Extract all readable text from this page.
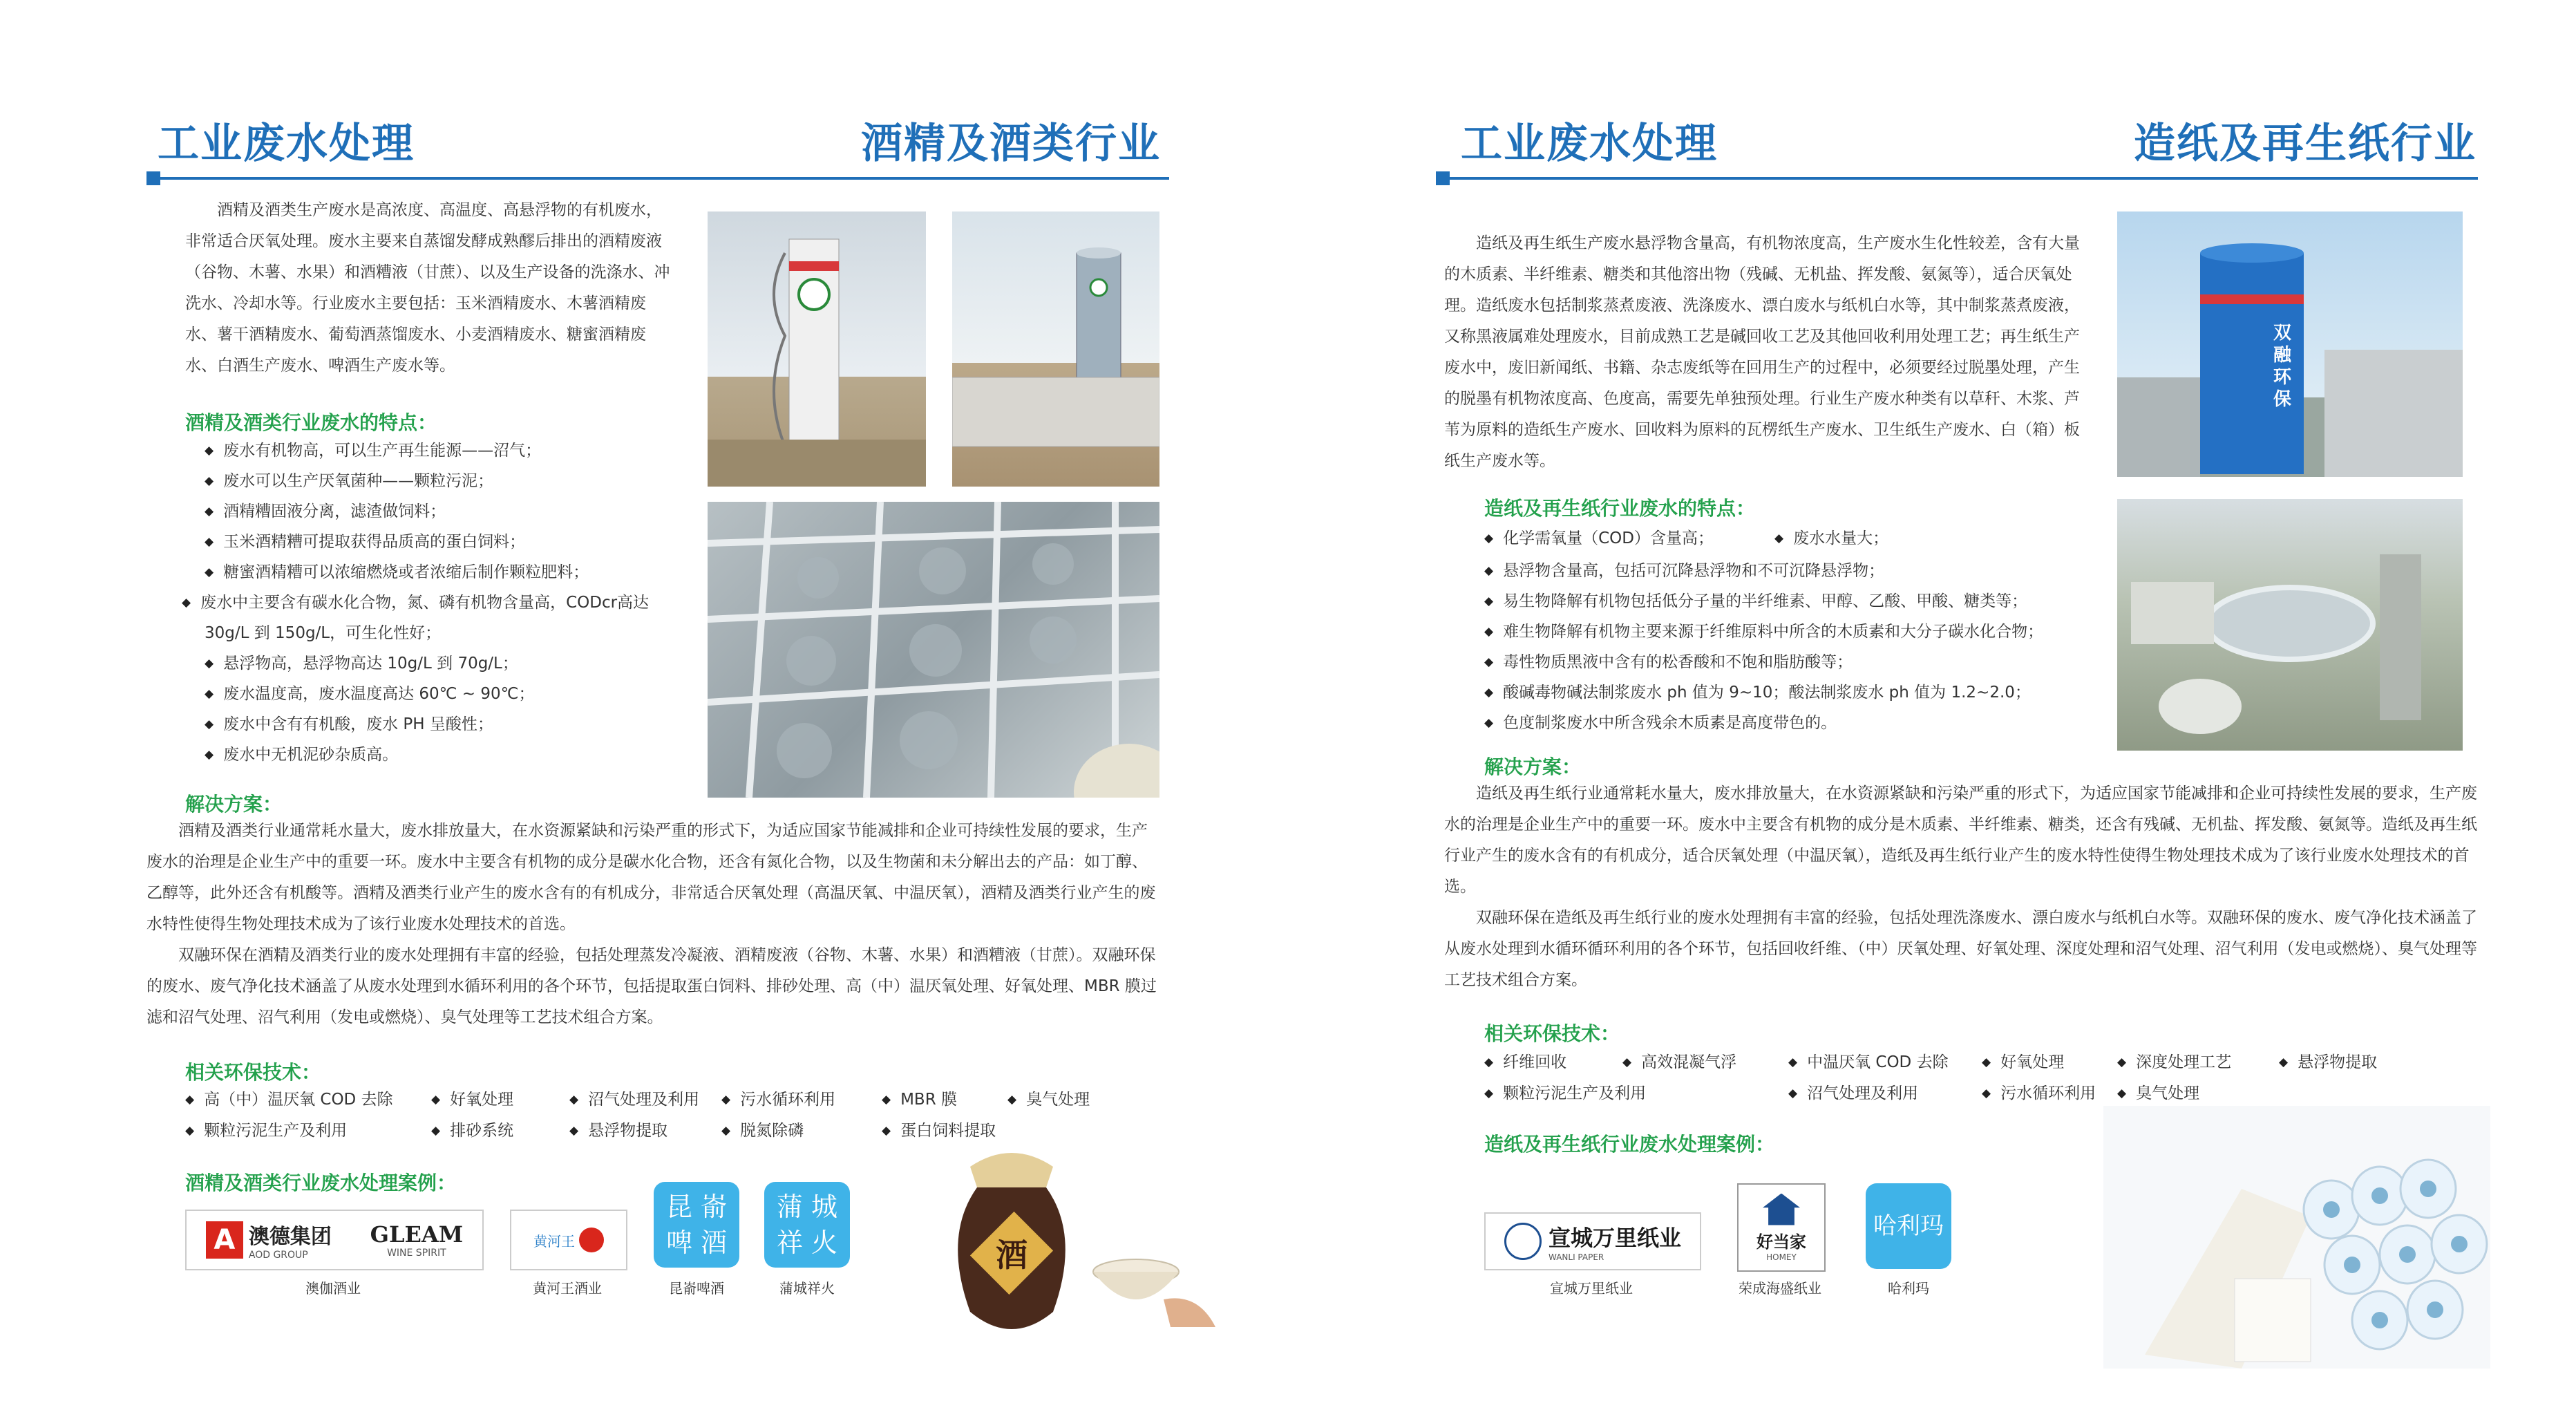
工业废水处理	酒精及酒类行业

酒精及酒类生产废水是高浓度、高温度、高悬浮物的有机废水，非常适合厌氧处理。废水主要来自蒸馏发酵成熟醪后排出的酒精废液（谷物、木薯、水果）和酒糟液（甘蔗）、以及生产设备的洗涤水、冲洗水、冷却水等。行业废水主要包括：玉米酒精废水、木薯酒精废水、薯干酒精废水、葡萄酒蒸馏废水、小麦酒精废水、糖蜜酒精废水、白酒生产废水、啤酒生产废水等。

酒精及酒类行业废水的特点：
◆ 废水有机物高，可以生产再生能源——沼气；
◆ 废水可以生产厌氧菌种——颗粒污泥；
◆ 酒精糟固液分离，滤渣做饲料；
◆ 玉米酒精糟可提取获得品质高的蛋白饲料；
◆ 糖蜜酒精糟可以浓缩燃烧或者浓缩后制作颗粒肥料；
◆ 废水中主要含有碳水化合物，氮、磷有机物含量高，CODcr高达 30g/L 到 150g/L，可生化性好；
◆ 悬浮物高，悬浮物高达 10g/L 到 70g/L；
◆ 废水温度高，废水温度高达 60℃ ~ 90℃；
◆ 废水中含有有机酸，废水 PH 呈酸性；
◆ 废水中无机泥砂杂质高。
解决方案：

酒精及酒类行业通常耗水量大，废水排放量大，在水资源紧缺和污染严重的形式下，为适应国家节能减排和企业可持续性发展的要求，生产废水的治理是企业生产中的重要一环。废水中主要含有机物的成分是碳水化合物，还含有氮化合物，以及生物菌和未分解出去的产品：如丁醇、乙醇等，此外还含有机酸等。酒精及酒类行业产生的废水含有的有机成分，非常适合厌氧处理（高温厌氧、中温厌氧），酒精及酒类行业产生的废水特性使得生物处理技术成为了该行业废水处理技术的首选。

双融环保在酒精及酒类行业的废水处理拥有丰富的经验，包括处理蒸发冷凝液、酒精废液（谷物、木薯、水果）和酒糟液（甘蔗）。双融环保的废水、废气净化技术涵盖了从废水处理到水循环利用的各个环节，包括提取蛋白饲料、排砂处理、高（中）温厌氧处理、好氧处理、MBR 膜过滤和沼气处理、沼气利用（发电或燃烧）、臭气处理等工艺技术组合方案。

相关环保技术：
◆ 高（中）温厌氧 COD 去除	◆ 好氧处理	◆ 沼气处理及利用	◆ 污水循环利用	◆ MBR 膜	◆ 臭气处理
◆ 颗粒污泥生产及利用	◆ 排砂系统	◆ 悬浮物提取	◆ 脱氮除磷	◆ 蛋白饲料提取
酒精及酒类行业废水处理案例：
A 澳德集团
AOD GROUP
GLEAM
WINE SPIRIT
澳伽酒业
黄河王
黄河王酒业
昆 嵛 啤 酒
昆嵛啤酒
蒲 城 祥 火
蒲城祥火
酒
工业废水处理	造纸及再生纸行业

造纸及再生纸生产废水悬浮物含量高，有机物浓度高，生产废水生化性较差，含有大量的木质素、半纤维素、糖类和其他溶出物（残碱、无机盐、挥发酸、氨氮等），适合厌氧处理。造纸废水包括制浆蒸煮废液、洗涤废水、漂白废水与纸机白水等，其中制浆蒸煮废液，又称黑液属难处理废水，目前成熟工艺是碱回收工艺及其他回收利用处理工艺；再生纸生产废水中，废旧新闻纸、书籍、杂志废纸等在回用生产的过程中，必须要经过脱墨处理，产生的脱墨有机物浓度高、色度高，需要先单独预处理。行业生产废水种类有以草秆、木浆、芦苇为原料的造纸生产废水、回收料为原料的瓦楞纸生产废水、卫生纸生产废水、白（箱）板纸生产废水等。

双融环保
造纸及再生纸行业废水的特点：
◆ 化学需氧量（COD）含量高；	◆ 废水水量大；
◆ 悬浮物含量高，包括可沉降悬浮物和不可沉降悬浮物；
◆ 易生物降解有机物包括低分子量的半纤维素、甲醇、乙酸、甲酸、糖类等；
◆ 难生物降解有机物主要来源于纤维原料中所含的木质素和大分子碳水化合物；
◆ 毒性物质黑液中含有的松香酸和不饱和脂肪酸等；
◆ 酸碱毒物碱法制浆废水 ph 值为 9~10；酸法制浆废水 ph 值为 1.2~2.0；
◆ 色度制浆废水中所含残余木质素是高度带色的。
解决方案：

造纸及再生纸行业通常耗水量大，废水排放量大，在水资源紧缺和污染严重的形式下，为适应国家节能减排和企业可持续性发展的要求，生产废水的治理是企业生产中的重要一环。废水中主要含有机物的成分是木质素、半纤维素、糖类，还含有残碱、无机盐、挥发酸、氨氮等。造纸及再生纸行业产生的废水含有的有机成分，适合厌氧处理（中温厌氧），造纸及再生纸行业产生的废水特性使得生物处理技术成为了该行业废水处理技术的首选。

双融环保在造纸及再生纸行业的废水处理拥有丰富的经验，包括处理洗涤废水、漂白废水与纸机白水等。双融环保的废水、废气净化技术涵盖了从废水处理到水循环循环利用的各个环节，包括回收纤维、（中）厌氧处理、好氧处理、深度处理和沼气处理、沼气利用（发电或燃烧）、臭气处理等工艺技术组合方案。

相关环保技术：
◆ 纤维回收	◆ 高效混凝气浮	◆ 中温厌氧 COD 去除	◆ 好氧处理	◆ 深度处理工艺	◆ 悬浮物提取
◆ 颗粒污泥生产及利用	◆ 沼气处理及利用	◆ 污水循环利用	◆ 臭气处理
造纸及再生纸行业废水处理案例：
宣城万里纸业
WANLI PAPER
宣城万里纸业
好当家
HOMEY
荣成海盛纸业
哈利玛
哈利玛
